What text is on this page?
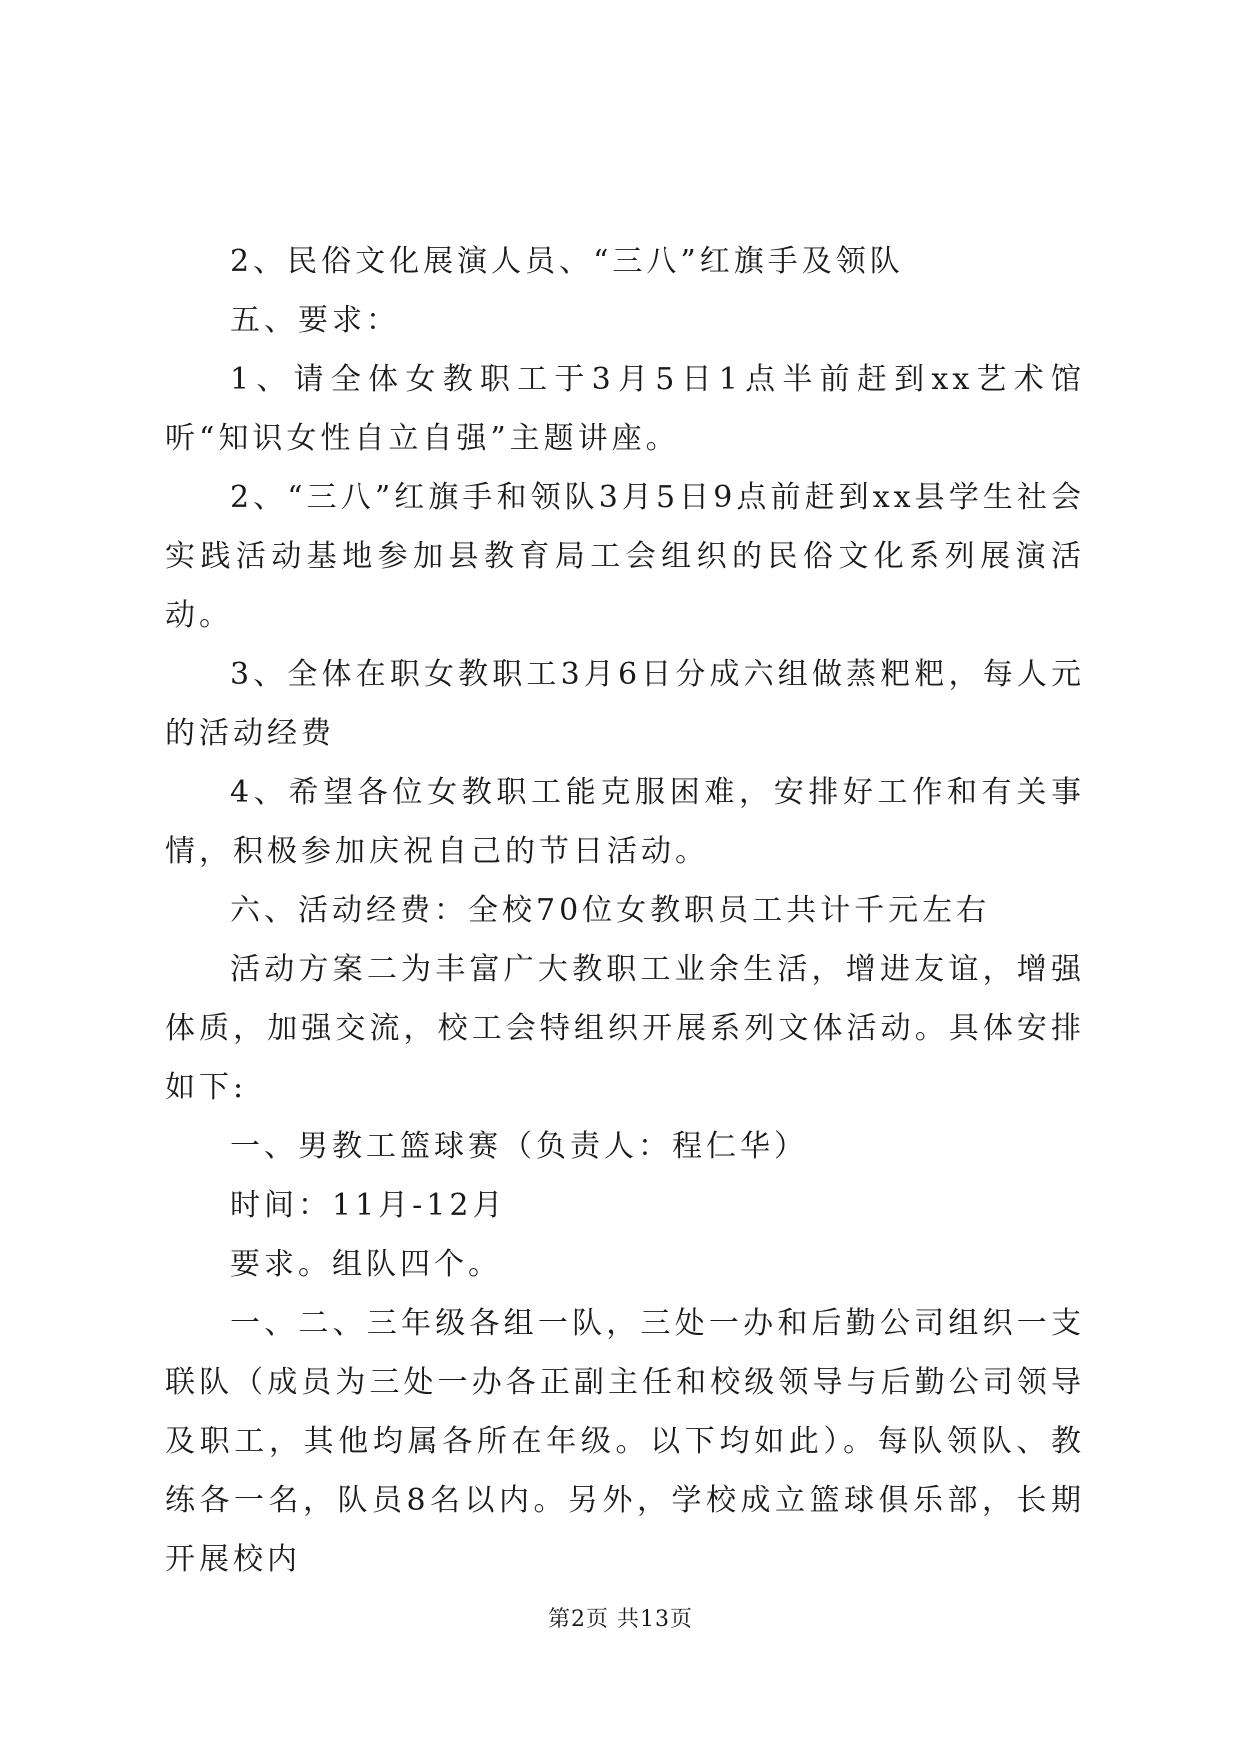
2、民俗文化展演人员、“三八”红旗手及领队

五、要求：

1、请全体女教职工于3月5日1点半前赶到xx艺术馆听“知识女性自立自强”主题讲座。

2、“三八”红旗手和领队3月5日9点前赶到xx县学生社会实践活动基地参加县教育局工会组织的民俗文化系列展演活动。

3、全体在职女教职工3月6日分成六组做蒸粑粑，每人元的活动经费

4、希望各位女教职工能克服困难，安排好工作和有关事情，积极参加庆祝自己的节日活动。

六、活动经费：全校70位女教职员工共计千元左右

活动方案二为丰富广大教职工业余生活，增进友谊，增强体质，加强交流，校工会特组织开展系列文体活动。具体安排如下:

一、男教工篮球赛（负责人：程仁华）

时间：11月-12月

要求。组队四个。

一、二、三年级各组一队，三处一办和后勤公司组织一支联队（成员为三处一办各正副主任和校级领导与后勤公司领导及职工，其他均属各所在年级。以下均如此）。每队领队、教练各一名，队员8名以内。另外，学校成立篮球俱乐部，长期开展校内

第2页 共13页
